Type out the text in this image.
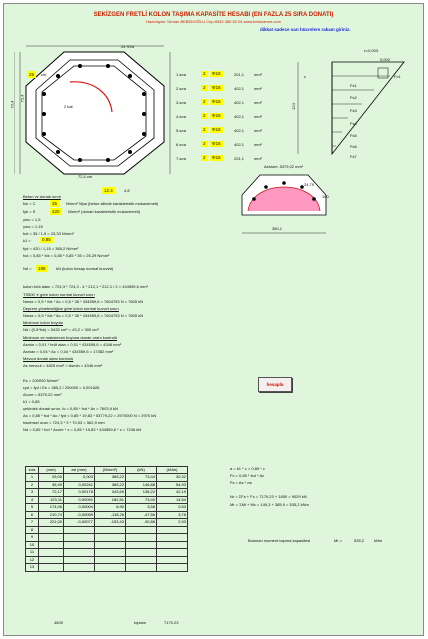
SEKİZGEN FRETLİ KOLON TAŞIMA KAPASİTE HESABI (EN FAZLA 25 SIRA DONATI)
Hazırlayan: Ümran BEBEKOĞLU Cep:0532 380 62 04 www.betonarme.com
dikkat sadece sarı hücrelere rakam giriniz.
25	cm
24 Φ16
2 kat
72,4
72,4
72,4 cm
12,4	4,8
1.sıra	2	Φ16	201,1 mm²
2.sıra	2	Φ16	402,1 mm²
3.sıra	2	Φ16	402,1 mm²
4.sıra	2	Φ16	402,1 mm²
5.sıra	2	Φ16	402,1 mm²
6.sıra	2	Φ16	402,1 mm²
7.sıra	2	Φ16	201,1 mm²
ε=0,003
0,002
c
124
Fc1
Fs1
Fs2
Fs3
Fs4
Fs5
Fs6
Fs7
Aeksen: 5379,22 mm²
24,79
160
380,1
Beton ve donatı sınıfı
fck = C	35	N/mm² Mpa (beton silindir karakteristik mukavemeti)
fyk = S	420	N/mm² (donatı karakteristik mukavemeti)
γmc = 1,5
γms = 1,15
fcd = 35 / 1,5 = 23,33 N/mm²
k1 =	0,85
fyd = 420 / 1,15 = 365,2 N/mm²
fcd = 0,85 * fck = 0,85 * 0,85 * 35 = 25,29 N/mm²
Nd =	185	kN (kolon hesap normal kuvveti)
kolon brüt alanı = 724,3 * 724,3 - 4 * 212,1 * 212,1 / 2 = 434559,6 mm²
TS500 'e göre kolon normal kuvvet sınırı
Nmax = 0,5 * fck * Ac = 0,5 * 35 * 434559,6 = 7604793 N = 7605 kN
Deprem yönetmeliğine göre kolon normal kuvvet sınırı
Nmax = 0,5 * fck * Ac = 0,5 * 35 * 434559,6 = 7604793 N = 7605 kN
Minimum kolon boyutu
Nd / (0,5*fck) = 5432 cm² = 43,2 > 300 cm²
Minimum ve maksimum boyuna donatı oranı kontrolü
Asmin = 0,01 * brüt alan = 0,01 * 434559,6 = 4346 mm²
Asmax = 0,04 * Ac = 0,04 * 434559,6 = 17382 mm²
Mevcut donatı alanı kontrolü
As mevcut = 4825 mm² > Asmin = 4346 mm²
Es = 200000 N/mm²
εyd = fyd / Es = 365,2 / 200000 = 0,001826
Acore = 5379,22 mm²
k1 = 0,85
çekirdek donatı sınırı, fc = 0,85 * fcd * Ac = 7603,9 kN
As = 0,85 * fcd * Ac / fyd = 0,85 * 19,83 * 53779,22 = 2970000 N = 2970 kN
hacimsel oran = 724,3 * 3 * 70,03 = 562,9 mm
Nd = 0,85 * fcd * Acore * x = 0,85 * 19,83 * 434559,6 * x = 7246 kN
hesapla
sıra	(mm)	εsi (mm)	(N/mm²)	(kN)	(kNm)
1	25,00	0,003	365,22	73,44	30,32
2	35,49	0,00241	365,22	146,88	54,93
3	72,17	0,00178	343,69	138,22	42,19
4	123,11	0,00091	182,51	73,40	14,64
5	174,06	0,00004	8,90	3,58	0,53
6	210,74	-0,00059	-118,26	-47,56	3,76
7	221,00	-0,00077	-153,43	-30,86	2,93
8					
9					
10					
11					
12					
13					
4825	toplam	7179,23
a = k1 * c = 0,85 * c
Fc = 0,85 * fcd * Ac
Fs = As * σs
Nr = ΣFs + Fc = 7179,23 + 1850 = 9029 kN
Mr = ΣMi + Mc = 149,3 + 385,9 = 535,2 kNm
Bulunan moment taşıma kapasitesi	Mr =	535,2 kNm
